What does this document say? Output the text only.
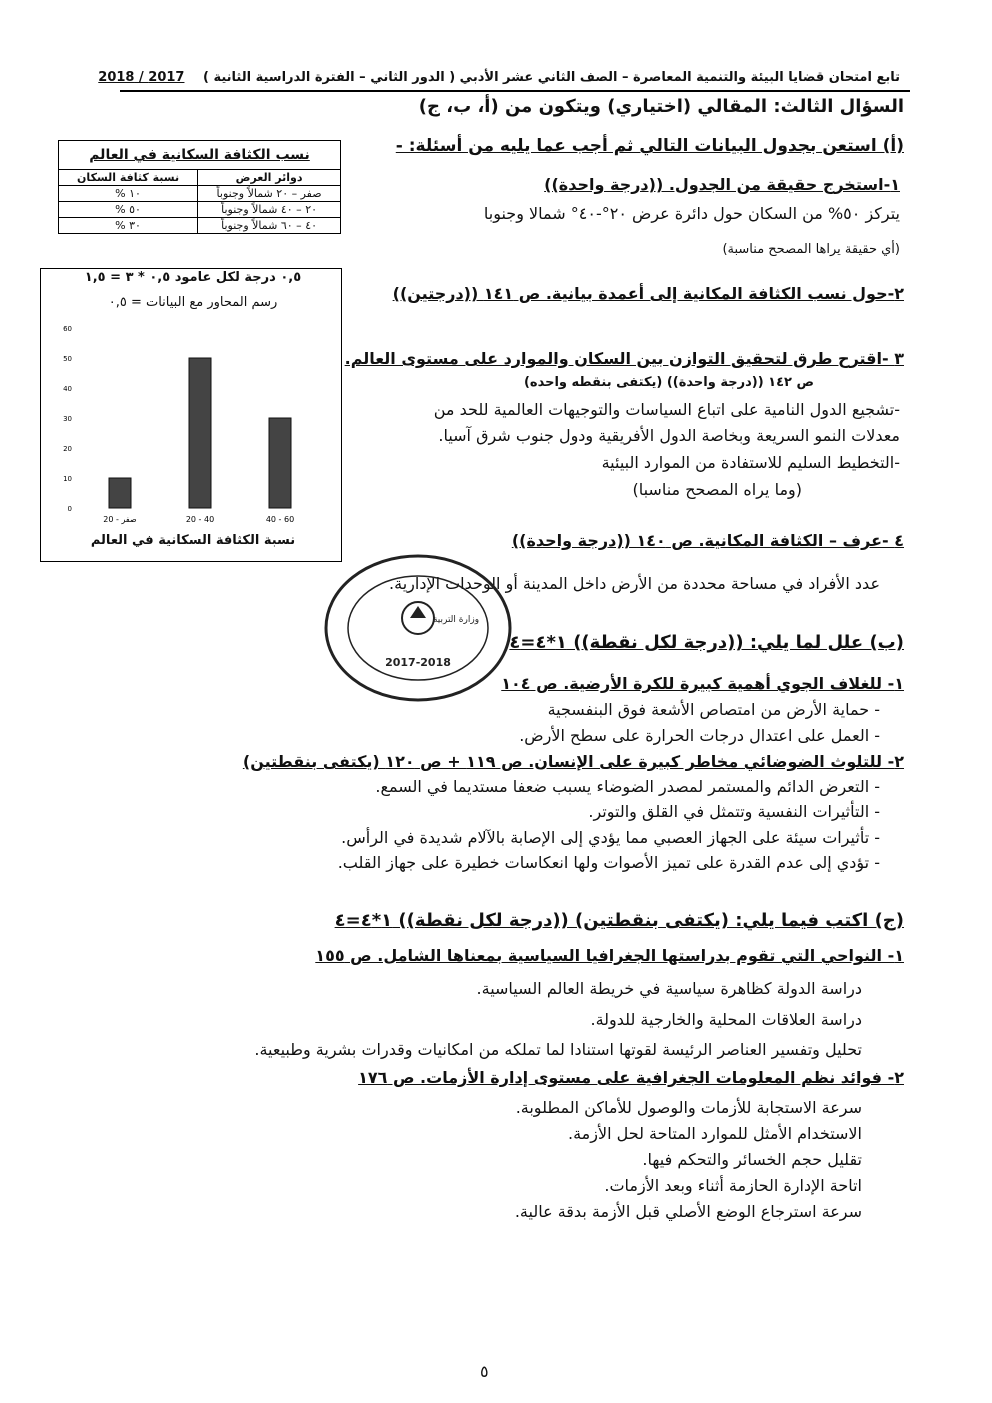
تابع امتحان قضايا البيئة والتنمية المعاصرة – الصف الثاني عشر الأدبي ( الدور الثاني – الفترة الدراسية الثانية ) 2017 / 2018
السؤال الثالث: المقالي (اختياري) ويتكون من (أ، ب، ج)
(أ) استعن بجدول البيانات التالي ثم أجب عما يليه من أسئلة: -
١-استخرج حقيقة من الجدول. ((درجة واحدة))
يتركز ٥٠% من السكان حول دائرة عرض ٢٠°-٤٠° شمالا وجنوبا
(أي حقيقة يراها المصحح مناسبة)
٢-حول نسب الكثافة المكانية إلى أعمدة بيانية. ص ١٤١ ((درجتين))
٣ -اقترح طرق لتحقيق التوازن بين السكان والموارد على مستوى العالم.
ص ١٤٢ ((درجة واحدة)) (يكتفى بنقطه واحده)
-تشجيع الدول النامية على اتباع السياسات والتوجيهات العالمية للحد من
معدلات النمو السريعة وبخاصة الدول الأفريقية ودول جنوب شرق آسيا.
-التخطيط السليم للاستفادة من الموارد البيئية
(وما يراه المصحح مناسبا)
٤ -عرف – الكثافة المكانية. ص ١٤٠ ((درجة واحدة))
عدد الأفراد في مساحة محددة من الأرض داخل المدينة أو الوحدات الإدارية.
(ب) علل لما يلي: ((درجة لكل نقطة)) ١*٤=٤
١- للغلاف الجوي أهمية كبيرة للكرة الأرضية. ص ١٠٤
- حماية الأرض من امتصاص الأشعة فوق البنفسجية
- العمل على اعتدال درجات الحرارة على سطح الأرض.
٢- للتلوث الضوضائي مخاطر كبيرة على الإنسان. ص ١١٩ + ص ١٢٠ (يكتفى بنقطتين)
- التعرض الدائم والمستمر لمصدر الضوضاء يسبب ضعفا مستديما في السمع.
- التأثيرات النفسية وتتمثل في القلق والتوتر.
- تأثيرات سيئة على الجهاز العصبي مما يؤدي إلى الإصابة بالآلام شديدة في الرأس.
- تؤدي إلى عدم القدرة على تميز الأصوات ولها انعكاسات خطيرة على جهاز القلب.
(ج) اكتب فيما يلي: (يكتفى بنقطتين) ((درجة لكل نقطة)) ١*٤=٤
١- النواحي التي تقوم بدراستها الجغرافيا السياسية بمعناها الشامل. ص ١٥٥
دراسة الدولة كظاهرة سياسية في خريطة العالم السياسية.
دراسة العلاقات المحلية والخارجية للدولة.
تحليل وتفسير العناصر الرئيسة لقوتها استنادا لما تملكه من امكانيات وقدرات بشرية وطبيعية.
٢- فوائد نظم المعلومات الجغرافية على مستوى إدارة الأزمات. ص ١٧٦
سرعة الاستجابة للأزمات والوصول للأماكن المطلوبة.
الاستخدام الأمثل للموارد المتاحة لحل الأزمة.
تقليل حجم الخسائر والتحكم فيها.
اتاحة الإدارة الحازمة أثناء وبعد الأزمات.
سرعة استرجاع الوضع الأصلي قبل الأزمة بدقة عالية.
نسب الكثافة السكانية في العالم
دوائر العرض	نسبة كثافة السكان
صفر – ٢٠ شمالاً وجنوباً	١٠ %
٢٠ – ٤٠ شمالاً وجنوباً	٥٠ %
٤٠ – ٦٠ شمالاً وجنوباً	٣٠ %
٠,٥ درجة لكل عامود ٠,٥ * ٣ = ١,٥
رسم المحاور مع البيانات = ٠,٥
0
10
20
30
40
50
60
صفر - 20	20 - 40	40 - 60
نسبة الكثافة السكانية في العالم
2017-2018
وزارة التربية
٥
